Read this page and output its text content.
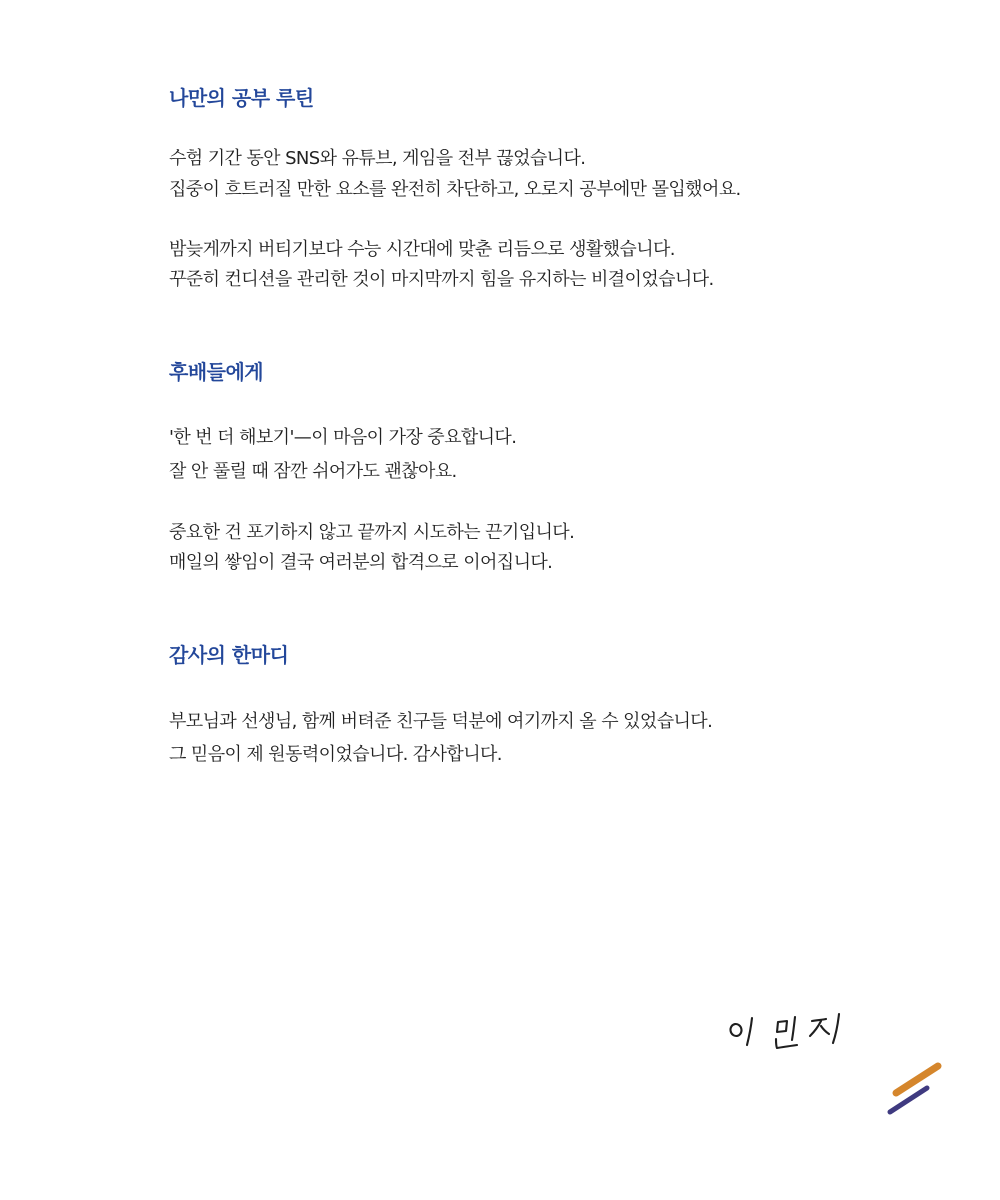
나만의 공부 루틴

수험 기간 동안 SNS와 유튜브, 게임을 전부 끊었습니다.

집중이 흐트러질 만한 요소를 완전히 차단하고, 오로지 공부에만 몰입했어요.

밤늦게까지 버티기보다 수능 시간대에 맞춘 리듬으로 생활했습니다.

꾸준히 컨디션을 관리한 것이 마지막까지 힘을 유지하는 비결이었습니다.

후배들에게

'한 번 더 해보기'—이 마음이 가장 중요합니다.

잘 안 풀릴 때 잠깐 쉬어가도 괜찮아요.

중요한 건 포기하지 않고 끝까지 시도하는 끈기입니다.

매일의 쌓임이 결국 여러분의 합격으로 이어집니다.

감사의 한마디

부모님과 선생님, 함께 버텨준 친구들 덕분에 여기까지 올 수 있었습니다.

그 믿음이 제 원동력이었습니다. 감사합니다.
